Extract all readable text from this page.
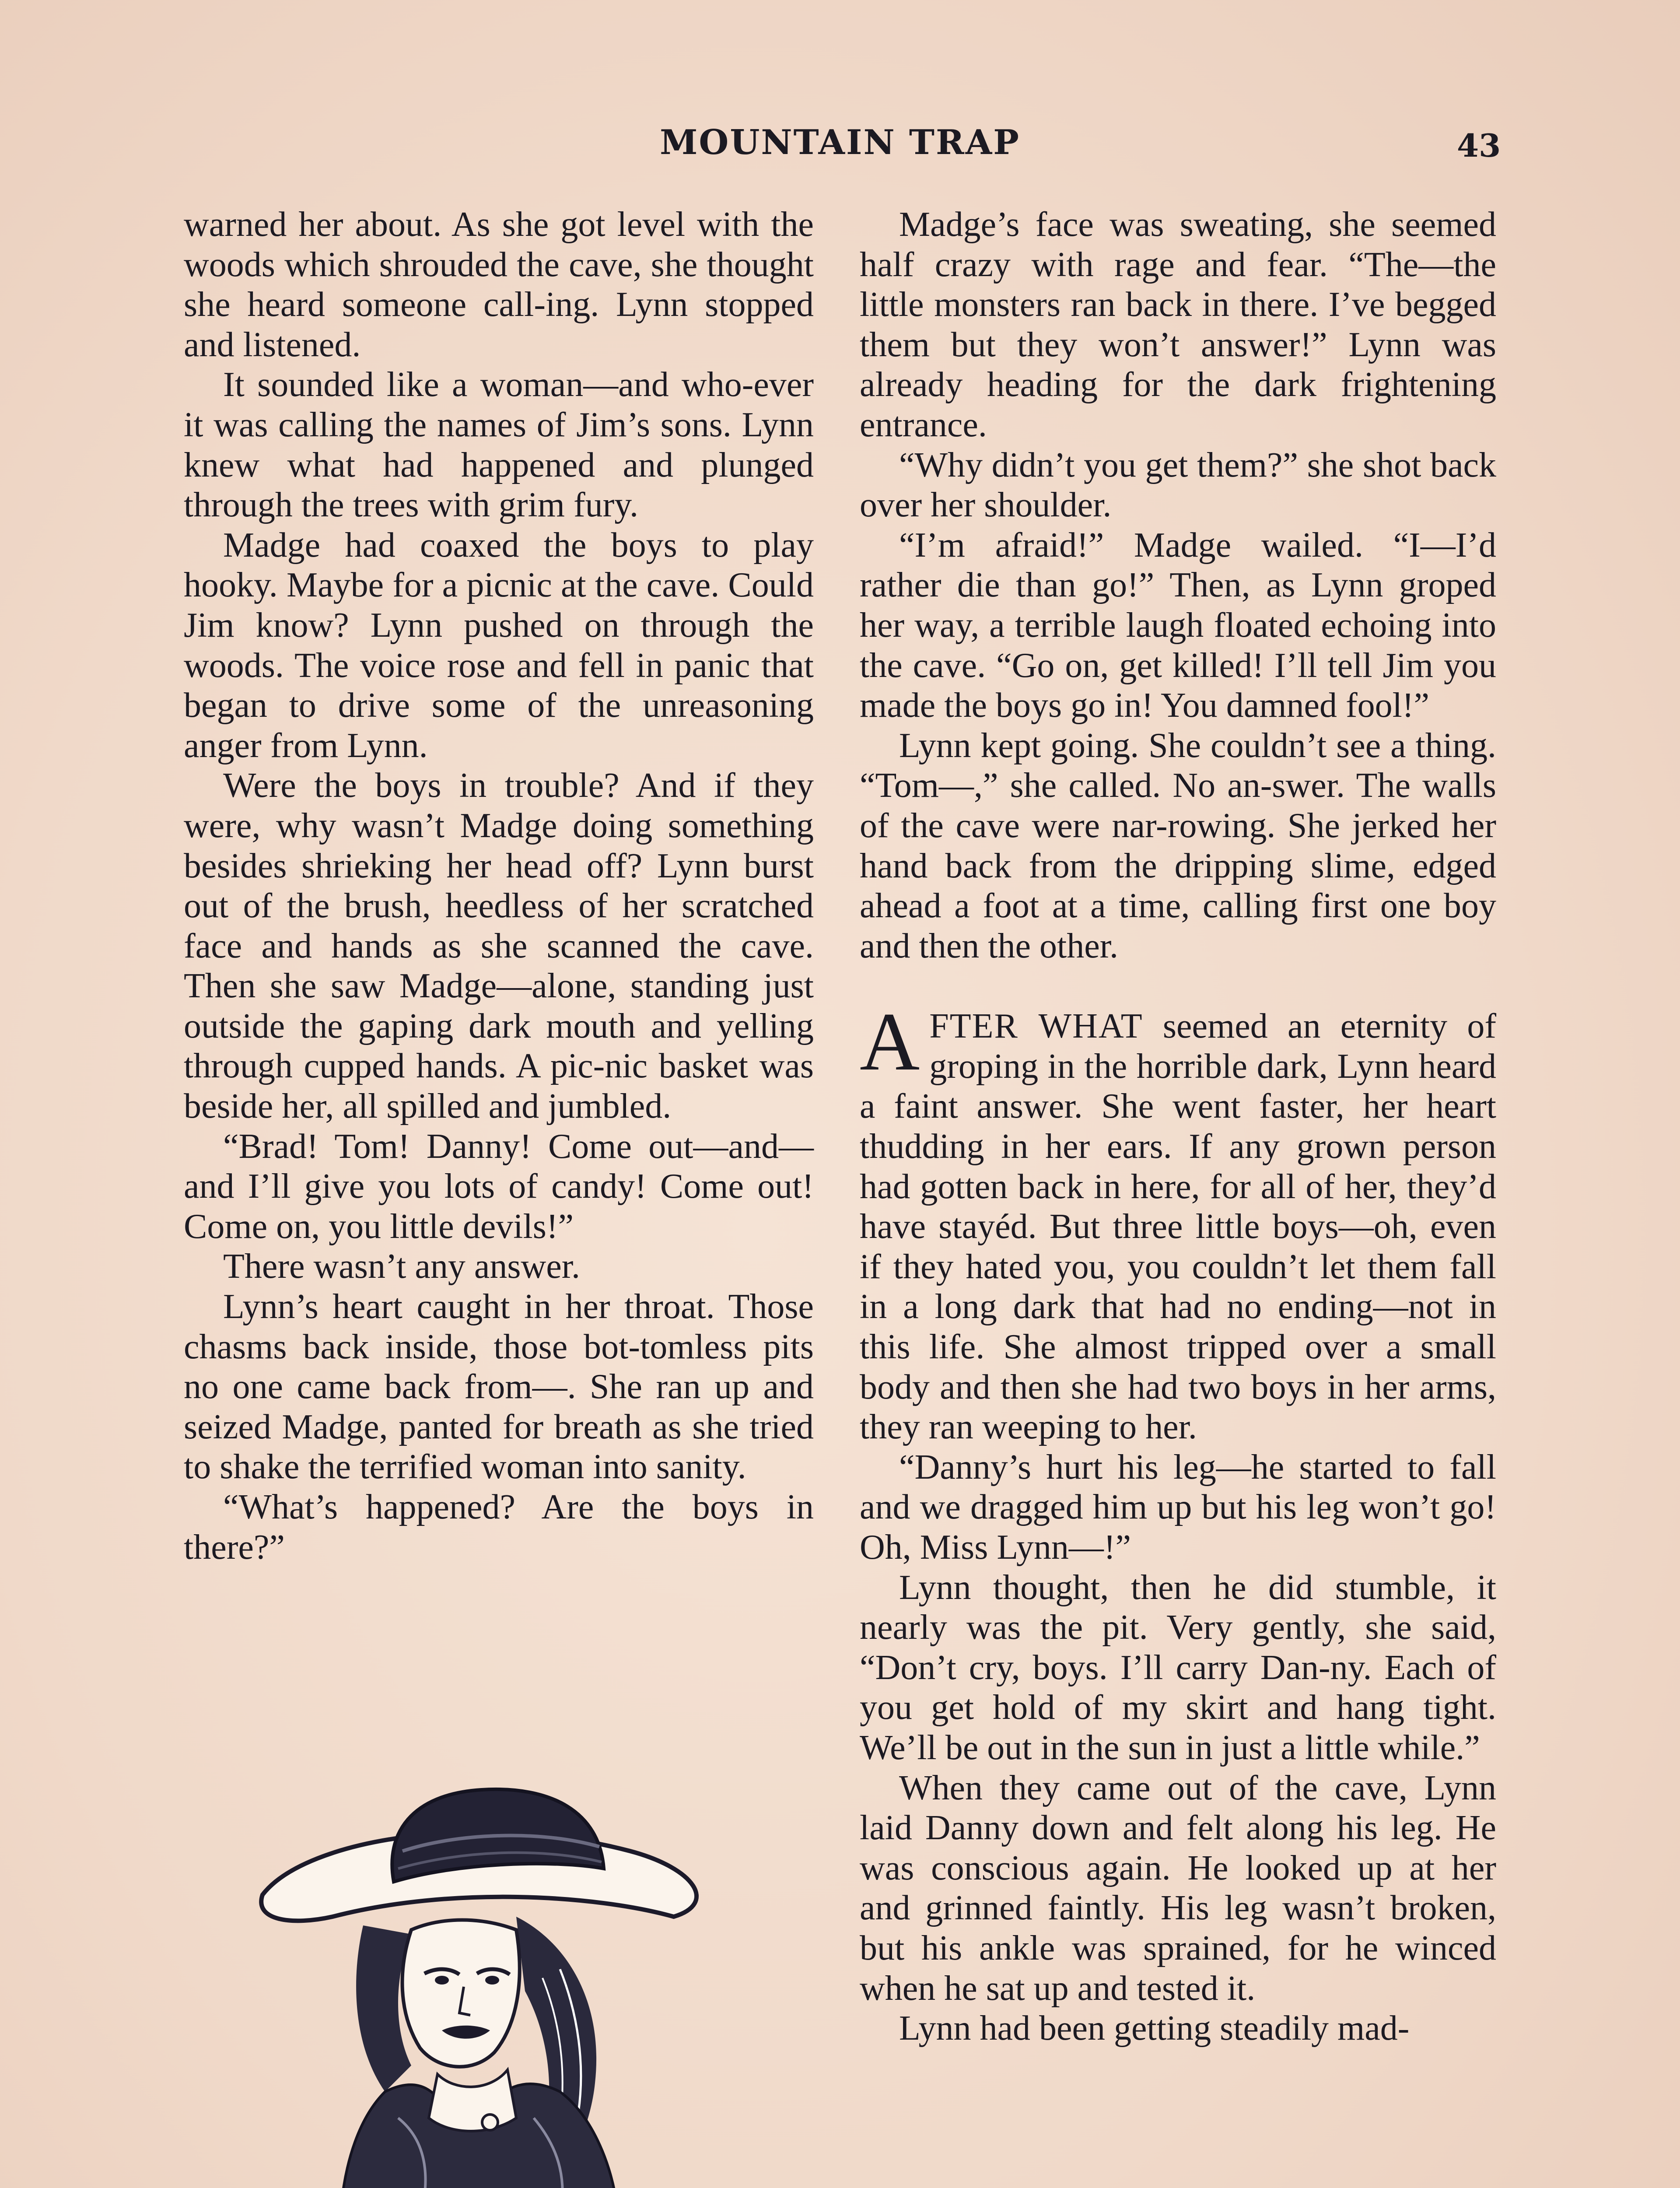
MOUNTAIN TRAP	43

warned her about. As she got level with the woods which shrouded the cave, she thought she heard someone call-ing. Lynn stopped and listened.

It sounded like a woman—and who-ever it was calling the names of Jim’s sons. Lynn knew what had happened and plunged through the trees with grim fury.

Madge had coaxed the boys to play hooky. Maybe for a picnic at the cave. Could Jim know? Lynn pushed on through the woods. The voice rose and fell in panic that began to drive some of the unreasoning anger from Lynn.

Were the boys in trouble? And if they were, why wasn’t Madge doing something besides shrieking her head off? Lynn burst out of the brush, heedless of her scratched face and hands as she scanned the cave. Then she saw Madge—alone, standing just outside the gaping dark mouth and yelling through cupped hands. A pic-nic basket was beside her, all spilled and jumbled.

“Brad! Tom! Danny! Come out—and—and I’ll give you lots of candy! Come out! Come on, you little devils!”

There wasn’t any answer.

Lynn’s heart caught in her throat. Those chasms back inside, those bot-tomless pits no one came back from—. She ran up and seized Madge, panted for breath as she tried to shake the terrified woman into sanity.

“What’s happened? Are the boys in there?”

Madge’s face was sweating, she seemed half crazy with rage and fear. “The—the little monsters ran back in there. I’ve begged them but they won’t answer!” Lynn was already heading for the dark frightening entrance.

“Why didn’t you get them?” she shot back over her shoulder.

“I’m afraid!” Madge wailed. “I—I’d rather die than go!” Then, as Lynn groped her way, a terrible laugh floated echoing into the cave. “Go on, get killed! I’ll tell Jim you made the boys go in! You damned fool!”

Lynn kept going. She couldn’t see a thing. “Tom—,” she called. No an-swer. The walls of the cave were nar-rowing. She jerked her hand back from the dripping slime, edged ahead a foot at a time, calling first one boy and then the other.

AFTER WHAT seemed an eternity of groping in the horrible dark, Lynn heard a faint answer. She went faster, her heart thudding in her ears. If any grown person had gotten back in here, for all of her, they’d have stayéd. But three little boys—oh, even if they hated you, you couldn’t let them fall in a long dark that had no ending—not in this life. She almost tripped over a small body and then she had two boys in her arms, they ran weeping to her.

“Danny’s hurt his leg—he started to fall and we dragged him up but his leg won’t go! Oh, Miss Lynn—!”

Lynn thought, then he did stumble, it nearly was the pit. Very gently, she said, “Don’t cry, boys. I’ll carry Dan-ny. Each of you get hold of my skirt and hang tight. We’ll be out in the sun in just a little while.”

When they came out of the cave, Lynn laid Danny down and felt along his leg. He was conscious again. He looked up at her and grinned faintly. His leg wasn’t broken, but his ankle was sprained, for he winced when he sat up and tested it.

Lynn had been getting steadily mad-
